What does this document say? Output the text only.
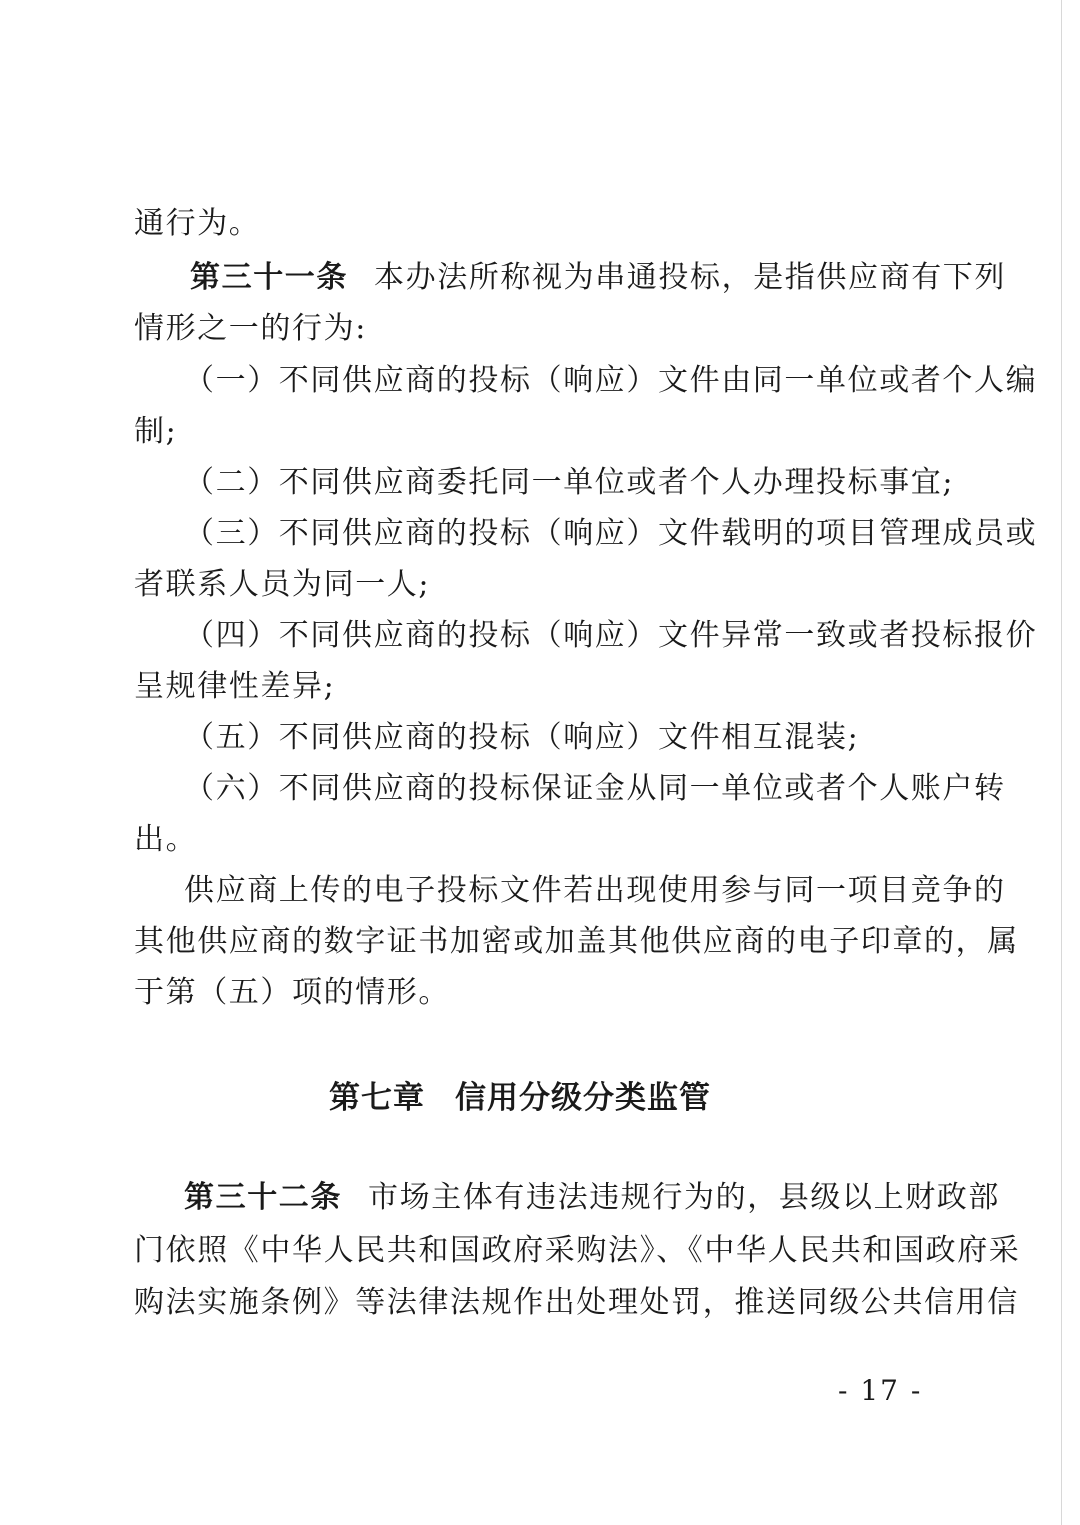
通行为。
第三十一条 本办法所称视为串通投标，是指供应商有下列
情形之一的行为:
（一）不同供应商的投标（响应）文件由同一单位或者个人编
制;
（二）不同供应商委托同一单位或者个人办理投标事宜;
（三）不同供应商的投标（响应）文件载明的项目管理成员或
者联系人员为同一人;
（四）不同供应商的投标（响应）文件异常一致或者投标报价
呈规律性差异;
（五）不同供应商的投标（响应）文件相互混装;
（六）不同供应商的投标保证金从同一单位或者个人账户转
出。
供应商上传的电子投标文件若出现使用参与同一项目竞争的
其他供应商的数字证书加密或加盖其他供应商的电子印章的，属
于第（五）项的情形。
第七章 信用分级分类监管
第三十二条 市场主体有违法违规行为的，县级以上财政部
门依照《中华人民共和国政府采购法》、《中华人民共和国政府采
购法实施条例》等法律法规作出处理处罚，推送同级公共信用信
- 17 -
